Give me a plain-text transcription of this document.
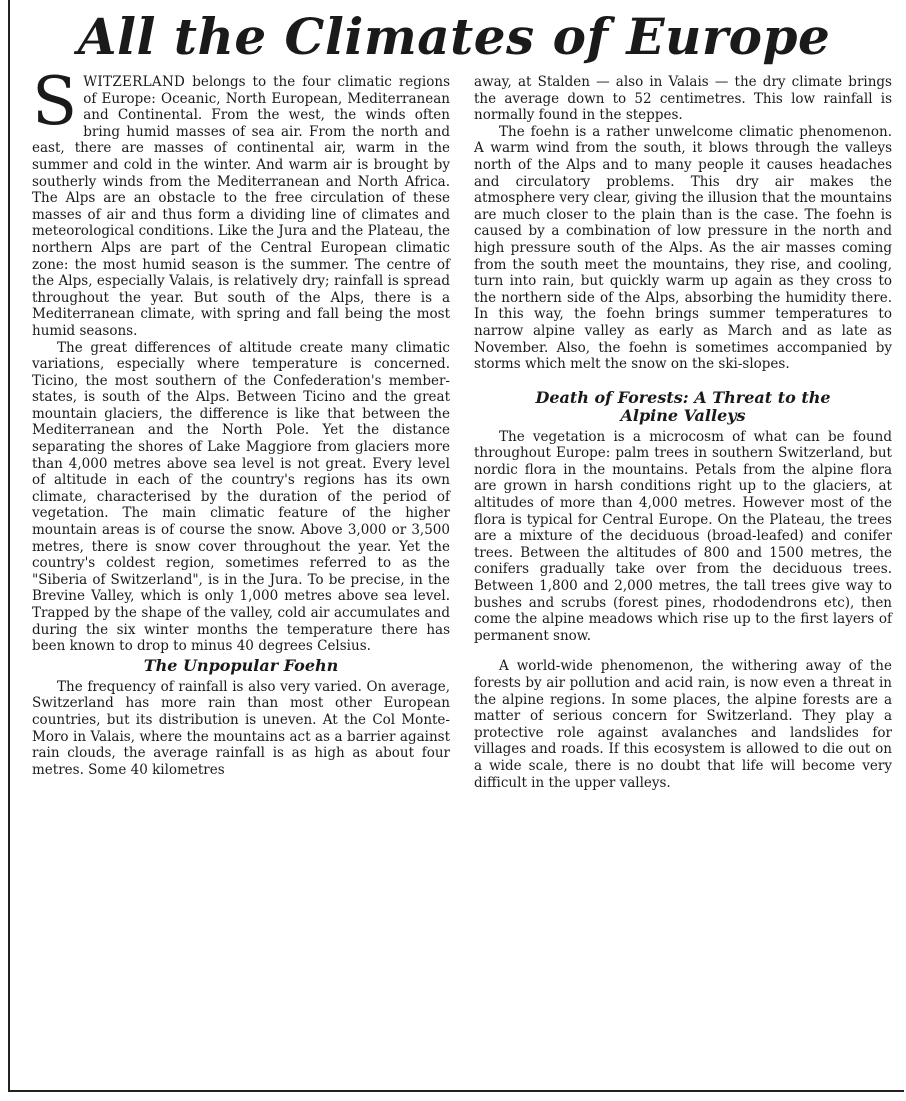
All the Climates of Europe

SWITZERLAND belongs to the four climatic regions of Europe: Oceanic, North European, Mediterranean and Continental. From the west, the winds often bring humid masses of sea air. From the north and east, there are masses of continental air, warm in the summer and cold in the winter. And warm air is brought by southerly winds from the Mediterranean and North Africa. The Alps are an obstacle to the free circulation of these masses of air and thus form a dividing line of climates and meteorological conditions. Like the Jura and the Plateau, the northern Alps are part of the Central European climatic zone: the most humid season is the summer. The centre of the Alps, especially Valais, is relatively dry; rainfall is spread throughout the year. But south of the Alps, there is a Mediterranean climate, with spring and fall being the most humid seasons.

The great differences of altitude create many climatic variations, especially where temperature is concerned. Ticino, the most southern of the Confederation's member-states, is south of the Alps. Between Ticino and the great mountain glaciers, the difference is like that between the Mediterranean and the North Pole. Yet the distance separating the shores of Lake Maggiore from glaciers more than 4,000 metres above sea level is not great. Every level of altitude in each of the country's regions has its own climate, characterised by the duration of the period of vegetation. The main climatic feature of the higher mountain areas is of course the snow. Above 3,000 or 3,500 metres, there is snow cover throughout the year. Yet the country's coldest region, sometimes referred to as the "Siberia of Switzerland", is in the Jura. To be precise, in the Brevine Valley, which is only 1,000 metres above sea level. Trapped by the shape of the valley, cold air accumulates and during the six winter months the temperature there has been known to drop to minus 40 degrees Celsius.

The Unpopular Foehn

The frequency of rainfall is also very varied. On average, Switzerland has more rain than most other European countries, but its distribution is uneven. At the Col Monte-Moro in Valais, where the mountains act as a barrier against rain clouds, the average rainfall is as high as about four metres. Some 40 kilometres

away, at Stalden — also in Valais — the dry climate brings the average down to 52 centimetres. This low rainfall is normally found in the steppes.

The foehn is a rather unwelcome climatic phenomenon. A warm wind from the south, it blows through the valleys north of the Alps and to many people it causes headaches and circulatory problems. This dry air makes the atmosphere very clear, giving the illusion that the mountains are much closer to the plain than is the case. The foehn is caused by a combination of low pressure in the north and high pressure south of the Alps. As the air masses coming from the south meet the mountains, they rise, and cooling, turn into rain, but quickly warm up again as they cross to the northern side of the Alps, absorbing the humidity there. In this way, the foehn brings summer temperatures to narrow alpine valley as early as March and as late as November. Also, the foehn is sometimes accompanied by storms which melt the snow on the ski-slopes.

Death of Forests: A Threat to the Alpine Valleys

The vegetation is a microcosm of what can be found throughout Europe: palm trees in southern Switzerland, but nordic flora in the mountains. Petals from the alpine flora are grown in harsh conditions right up to the glaciers, at altitudes of more than 4,000 metres. However most of the flora is typical for Central Europe. On the Plateau, the trees are a mixture of the deciduous (broad-leafed) and conifer trees. Between the altitudes of 800 and 1500 metres, the conifers gradually take over from the deciduous trees. Between 1,800 and 2,000 metres, the tall trees give way to bushes and scrubs (forest pines, rhododendrons etc), then come the alpine meadows which rise up to the first layers of permanent snow.

A world-wide phenomenon, the withering away of the forests by air pollution and acid rain, is now even a threat in the alpine regions. In some places, the alpine forests are a matter of serious concern for Switzerland. They play a protective role against avalanches and landslides for villages and roads. If this ecosystem is allowed to die out on a wide scale, there is no doubt that life will become very difficult in the upper valleys.
